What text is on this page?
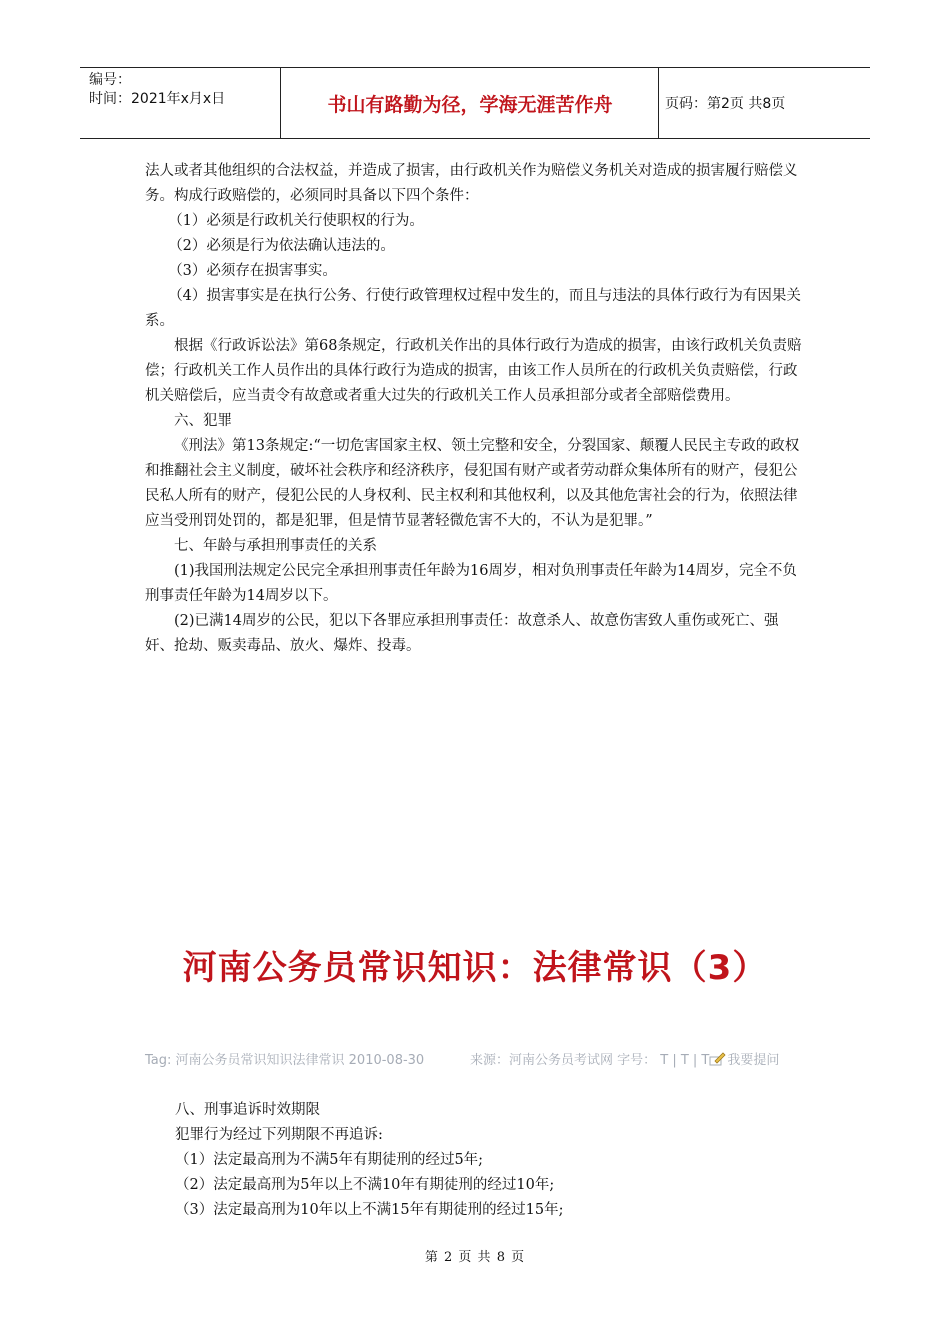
编号：
时间：2021年x月x日	书山有路勤为径，学海无涯苦作舟	页码：第2页 共8页

法人或者其他组织的合法权益，并造成了损害，由行政机关作为赔偿义务机关对造成的损害履行赔偿义务。构成行政赔偿的，必须同时具备以下四个条件：

（1）必须是行政机关行使职权的行为。

（2）必须是行为依法确认违法的。

（3）必须存在损害事实。

（4）损害事实是在执行公务、行使行政管理权过程中发生的，而且与违法的具体行政行为有因果关系。

根据《行政诉讼法》第68条规定，行政机关作出的具体行政行为造成的损害，由该行政机关负责赔偿；行政机关工作人员作出的具体行政行为造成的损害，由该工作人员所在的行政机关负责赔偿，行政机关赔偿后，应当责令有故意或者重大过失的行政机关工作人员承担部分或者全部赔偿费用。

六、犯罪

《刑法》第13条规定:“一切危害国家主权、领土完整和安全，分裂国家、颠覆人民民主专政的政权和推翻社会主义制度，破坏社会秩序和经济秩序，侵犯国有财产或者劳动群众集体所有的财产，侵犯公民私人所有的财产，侵犯公民的人身权利、民主权利和其他权利，以及其他危害社会的行为，依照法律应当受刑罚处罚的，都是犯罪，但是情节显著轻微危害不大的，不认为是犯罪。”

七、年龄与承担刑事责任的关系

(1)我国刑法规定公民完全承担刑事责任年龄为16周岁，相对负刑事责任年龄为14周岁，完全不负刑事责任年龄为14周岁以下。

(2)已满14周岁的公民，犯以下各罪应承担刑事责任：故意杀人、故意伤害致人重伤或死亡、强奸、抢劫、贩卖毒品、放火、爆炸、投毒。

河南公务员常识知识：法律常识（3）
Tag: 河南公务员常识知识法律常识 2010-08-30	来源：河南公务员考试网 字号： T | T | T 我要提问

八、刑事追诉时效期限

犯罪行为经过下列期限不再追诉:

（1）法定最高刑为不满5年有期徒刑的经过5年;

（2）法定最高刑为5年以上不满10年有期徒刑的经过10年;

（3）法定最高刑为10年以上不满15年有期徒刑的经过15年;

第 2 页 共 8 页
